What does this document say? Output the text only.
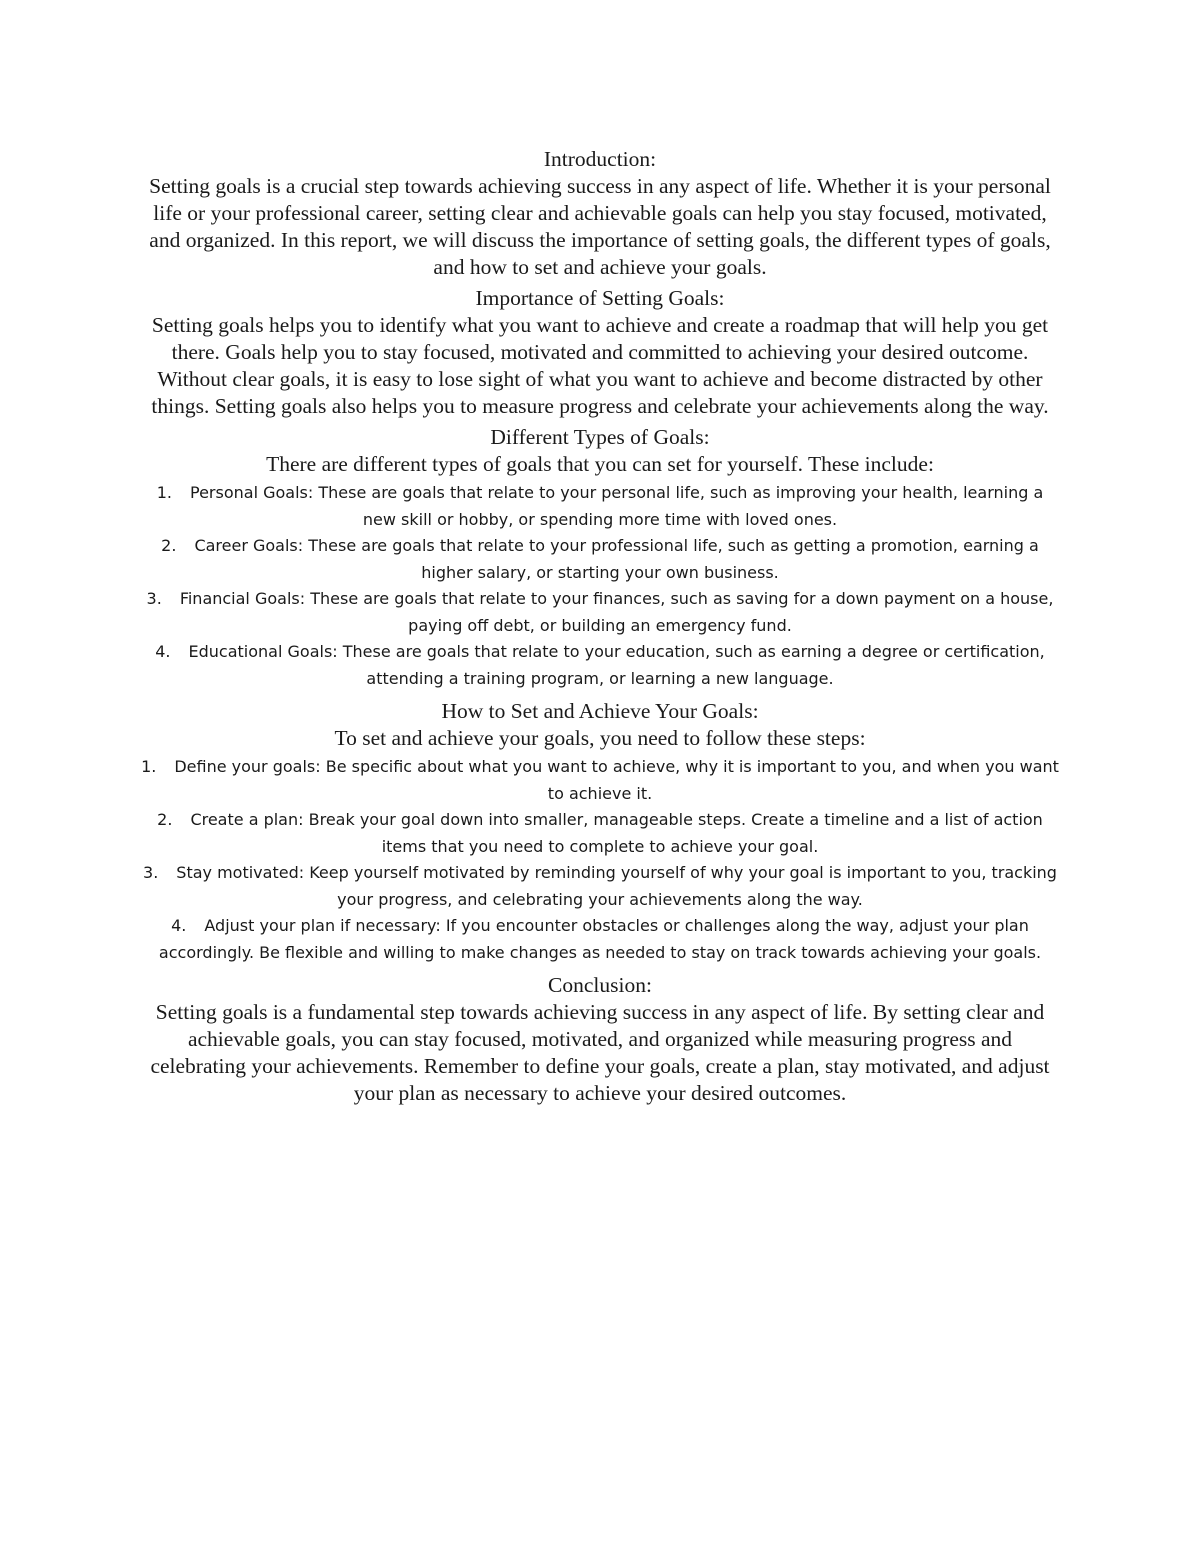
Introduction:
Setting goals is a crucial step towards achieving success in any aspect of life. Whether it is your personal life or your professional career, setting clear and achievable goals can help you stay focused, motivated, and organized. In this report, we will discuss the importance of setting goals, the different types of goals, and how to set and achieve your goals.
Importance of Setting Goals:
Setting goals helps you to identify what you want to achieve and create a roadmap that will help you get there. Goals help you to stay focused, motivated and committed to achieving your desired outcome. Without clear goals, it is easy to lose sight of what you want to achieve and become distracted by other things. Setting goals also helps you to measure progress and celebrate your achievements along the way.
Different Types of Goals:
There are different types of goals that you can set for yourself. These include:
1. Personal Goals: These are goals that relate to your personal life, such as improving your health, learning a new skill or hobby, or spending more time with loved ones.
2. Career Goals: These are goals that relate to your professional life, such as getting a promotion, earning a higher salary, or starting your own business.
3. Financial Goals: These are goals that relate to your finances, such as saving for a down payment on a house, paying off debt, or building an emergency fund.
4. Educational Goals: These are goals that relate to your education, such as earning a degree or certification, attending a training program, or learning a new language.
How to Set and Achieve Your Goals:
To set and achieve your goals, you need to follow these steps:
1. Define your goals: Be specific about what you want to achieve, why it is important to you, and when you want to achieve it.
2. Create a plan: Break your goal down into smaller, manageable steps. Create a timeline and a list of action items that you need to complete to achieve your goal.
3. Stay motivated: Keep yourself motivated by reminding yourself of why your goal is important to you, tracking your progress, and celebrating your achievements along the way.
4. Adjust your plan if necessary: If you encounter obstacles or challenges along the way, adjust your plan accordingly. Be flexible and willing to make changes as needed to stay on track towards achieving your goals.
Conclusion:
Setting goals is a fundamental step towards achieving success in any aspect of life. By setting clear and achievable goals, you can stay focused, motivated, and organized while measuring progress and celebrating your achievements. Remember to define your goals, create a plan, stay motivated, and adjust your plan as necessary to achieve your desired outcomes.
